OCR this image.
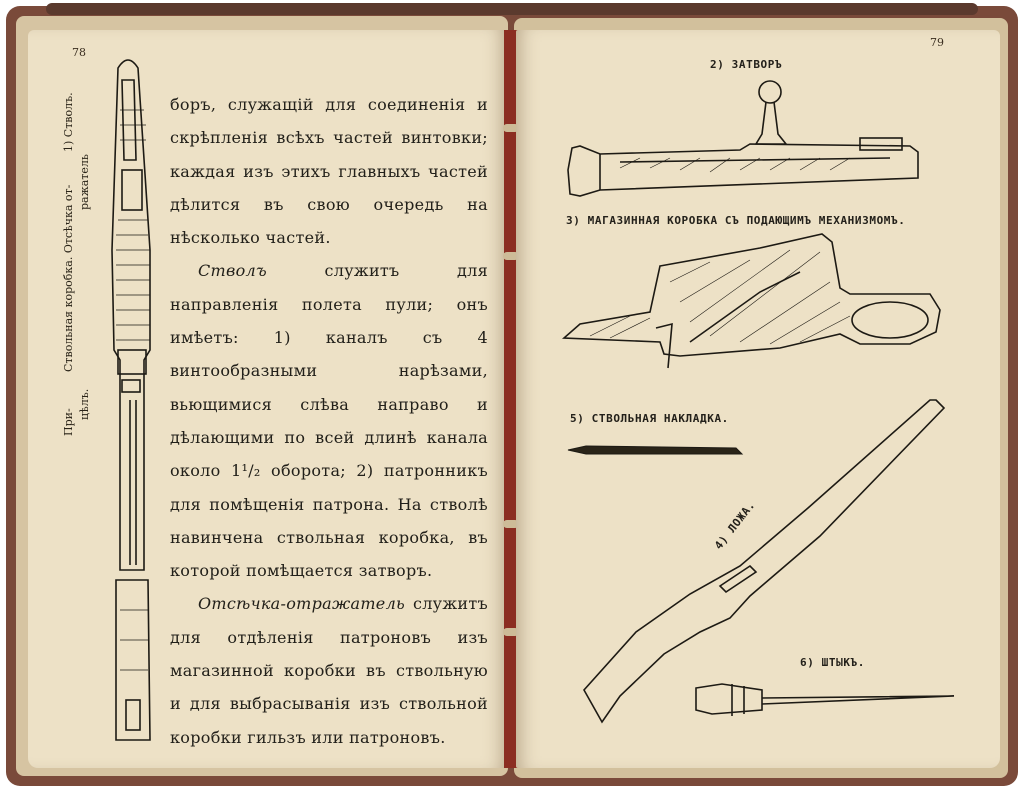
78
1) Стволъ.
Ствольная коробка. Отсѣчка от-
ражатель
При-
цѣлъ.

боръ, служащій для соединенія и скрѣпленія всѣхъ частей винтовки; каждая изъ этихъ главныхъ частей дѣлится въ свою очередь на нѣсколько частей.

Стволъ	служитъ для направленія полета пули; онъ имѣетъ: 1) каналъ съ 4 винтообразными нарѣзами, вьющимися слѣва направо и дѣлающими по всей длинѣ канала около 1¹/₂ оборота; 2) патронникъ для помѣщенія патрона. На стволѣ навинчена ствольная коробка, въ которой помѣщается затворъ.

Отсѣчка-отражатель служитъ для отдѣленія патроновъ изъ магазинной коробки въ ствольную и для выбрасыванія изъ ствольной коробки гильзъ или патроновъ.

79
2) ЗАТВОРЪ
3) МАГАЗИННАЯ КОРОБКА СЪ ПОДАЮЩИМЪ МЕХАНИЗМОМЪ.
5) СТВОЛЬНАЯ НАКЛАДКА.
4) ЛОЖА.
6) ШТЫКЪ.
